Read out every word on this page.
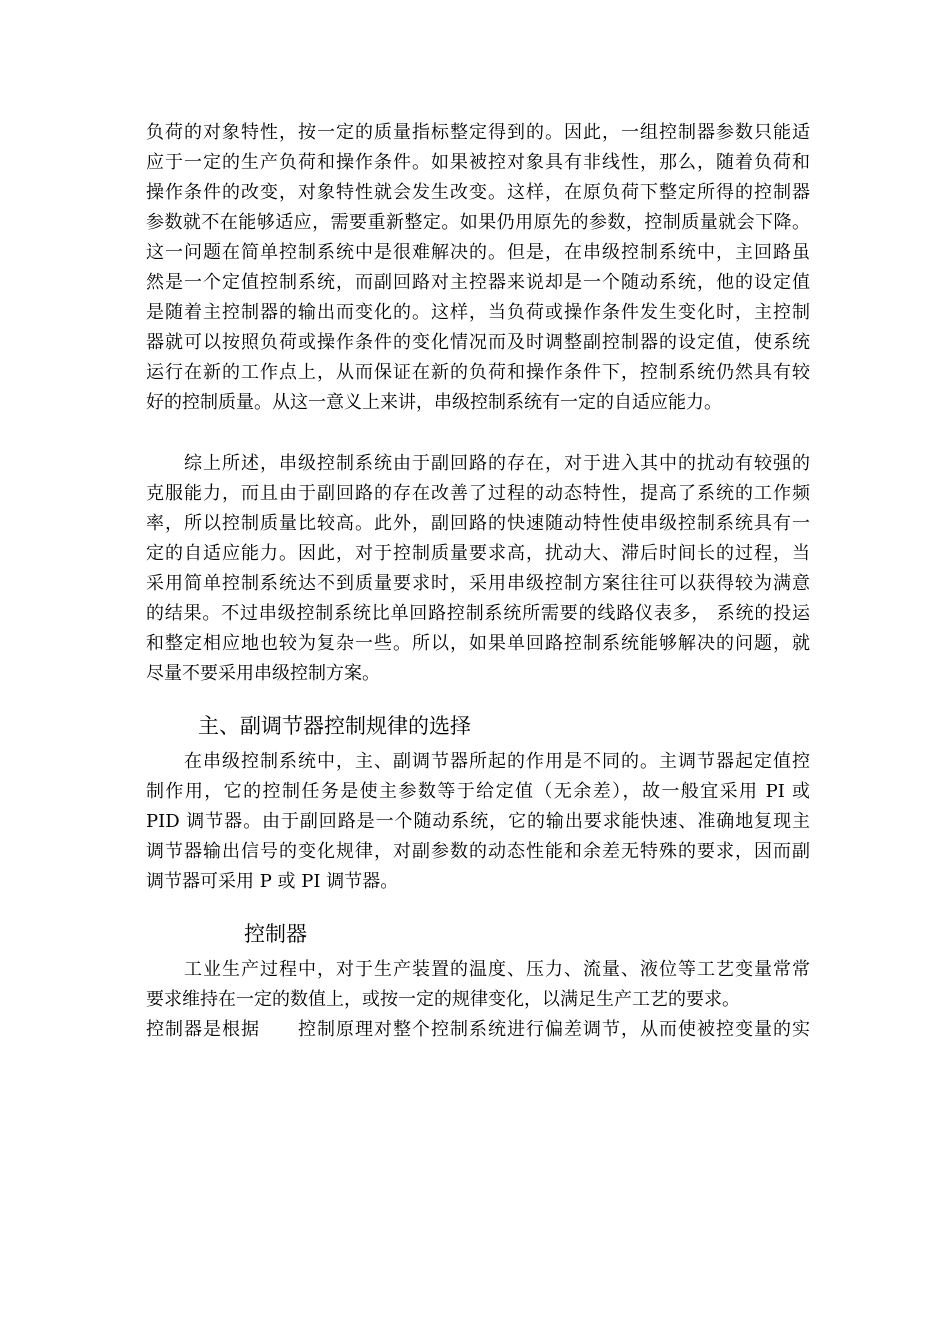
负荷的对象特性，按一定的质量指标整定得到的。因此，一组控制器参数只能适
应于一定的生产负荷和操作条件。如果被控对象具有非线性，那么，随着负荷和
操作条件的改变，对象特性就会发生改变。这样，在原负荷下整定所得的控制器
参数就不在能够适应，需要重新整定。如果仍用原先的参数，控制质量就会下降。
这一问题在简单控制系统中是很难解决的。但是，在串级控制系统中，主回路虽
然是一个定值控制系统，而副回路对主控器来说却是一个随动系统，他的设定值
是随着主控制器的输出而变化的。这样，当负荷或操作条件发生变化时，主控制
器就可以按照负荷或操作条件的变化情况而及时调整副控制器的设定值，使系统
运行在新的工作点上，从而保证在新的负荷和操作条件下，控制系统仍然具有较
好的控制质量。从这一意义上来讲，串级控制系统有一定的自适应能力。
　　综上所述，串级控制系统由于副回路的存在，对于进入其中的扰动有较强的
克服能力，而且由于副回路的存在改善了过程的动态特性，提高了系统的工作频
率，所以控制质量比较高。此外，副回路的快速随动特性使串级控制系统具有一
定的自适应能力。因此，对于控制质量要求高，扰动大、滞后时间长的过程，当
采用简单控制系统达不到质量要求时，采用串级控制方案往往可以获得较为满意
的结果。不过串级控制系统比单回路控制系统所需要的线路仪表多， 系统的投运
和整定相应地也较为复杂一些。所以，如果单回路控制系统能够解决的问题，就
尽量不要采用串级控制方案。
主、副调节器控制规律的选择
　　在串级控制系统中，主、副调节器所起的作用是不同的。主调节器起定值控
制作用，它的控制任务是使主参数等于给定值（无余差），故一般宜采用 PI 或
PID 调节器。由于副回路是一个随动系统，它的输出要求能快速、准确地复现主
调节器输出信号的变化规律，对副参数的动态性能和余差无特殊的要求，因而副
调节器可采用 P 或 PI 调节器。
控制器
　　工业生产过程中，对于生产装置的温度、压力、流量、液位等工艺变量常常
要求维持在一定的数值上，或按一定的规律变化，以满足生产工艺的要求。
控制器是根据　　控制原理对整个控制系统进行偏差调节，从而使被控变量的实
